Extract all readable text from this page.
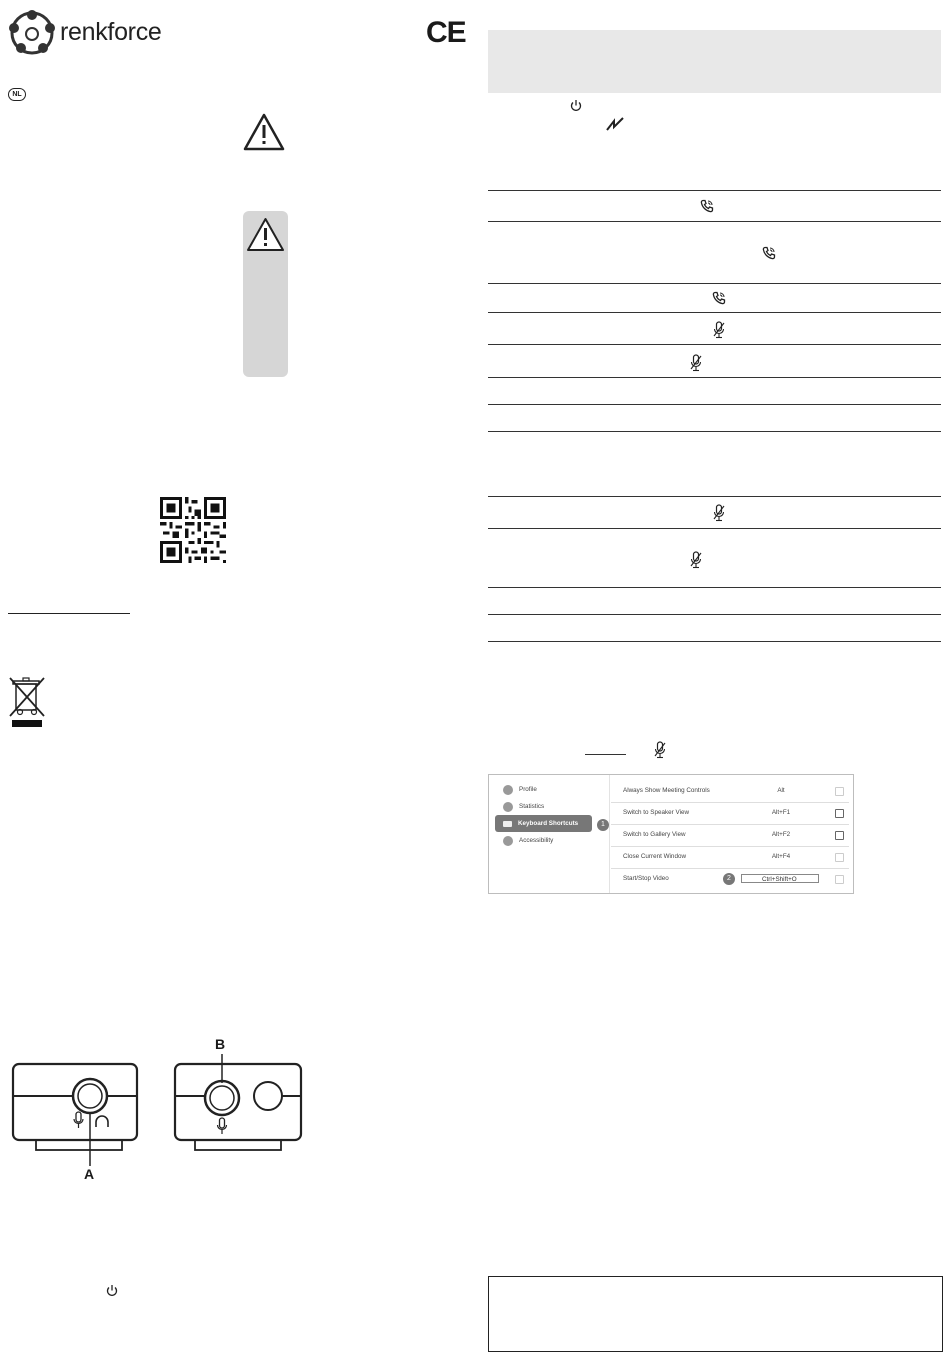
renkforce	CE
NL
A
B
Profile
Statistics
Keyboard Shortcuts
Accessibility
1
Always Show Meeting Controls	Alt
Switch to Speaker View	Alt+F1
Switch to Gallery View	Alt+F2
Close Current Window	Alt+F4
Start/Stop Video	Ctrl+Shift+O
2
